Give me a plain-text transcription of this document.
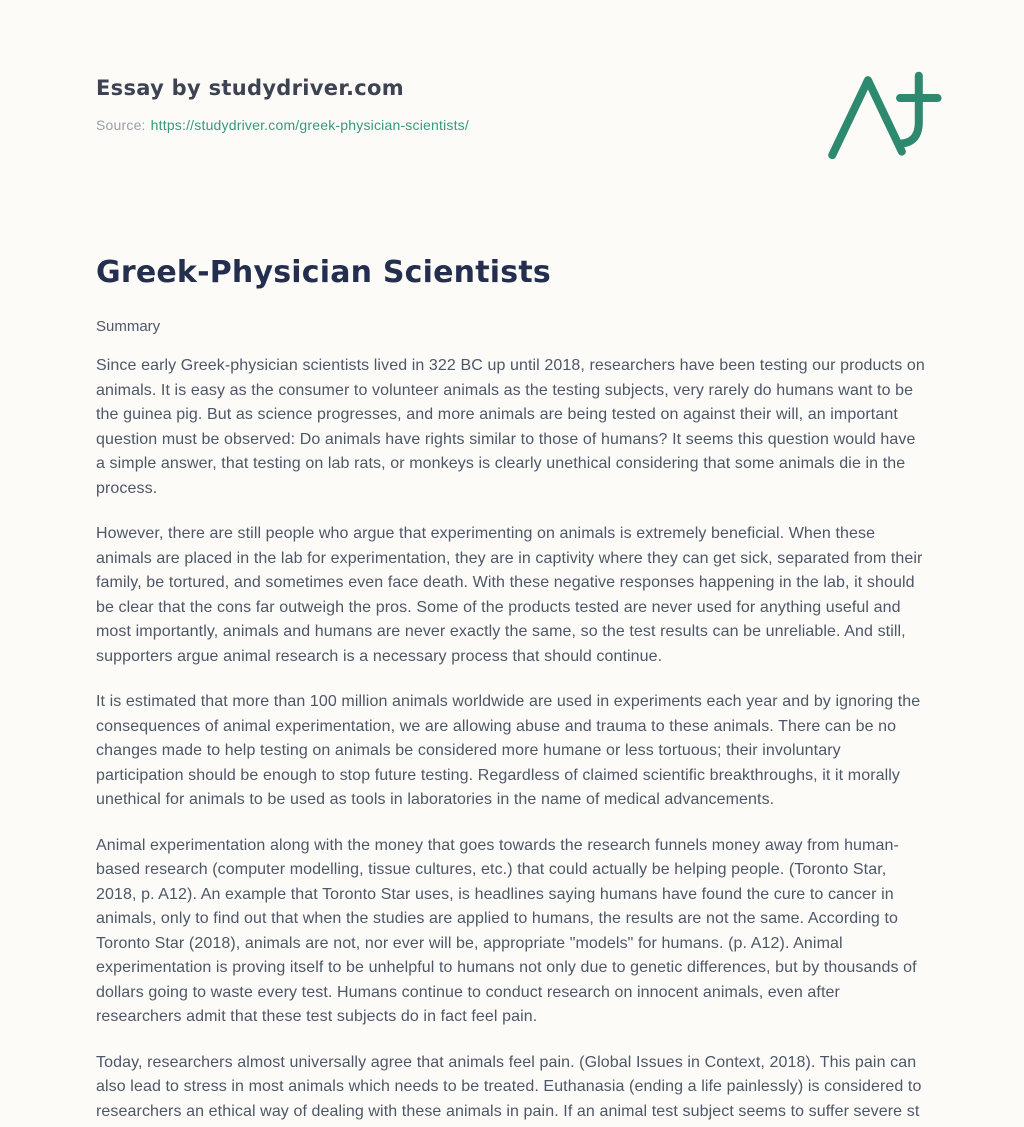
Essay by studydriver.com
Source: https://studydriver.com/greek-physician-scientists/
Greek-Physician Scientists
Summary

Since early Greek-physician scientists lived in 322 BC up until 2018, researchers have been testing our products on animals. It is easy as the consumer to volunteer animals as the testing subjects, very rarely do humans want to be the guinea pig. But as science progresses, and more animals are being tested on against their will, an important question must be observed: Do animals have rights similar to those of humans? It seems this question would have a simple answer, that testing on lab rats, or monkeys is clearly unethical considering that some animals die in the process.

However, there are still people who argue that experimenting on animals is extremely beneficial. When these animals are placed in the lab for experimentation, they are in captivity where they can get sick, separated from their family, be tortured, and sometimes even face death. With these negative responses happening in the lab, it should be clear that the cons far outweigh the pros. Some of the products tested are never used for anything useful and most importantly, animals and humans are never exactly the same, so the test results can be unreliable. And still, supporters argue animal research is a necessary process that should continue.

It is estimated that more than 100 million animals worldwide are used in experiments each year and by ignoring the consequences of animal experimentation, we are allowing abuse and trauma to these animals. There can be no changes made to help testing on animals be considered more humane or less tortuous; their involuntary participation should be enough to stop future testing. Regardless of claimed scientific breakthroughs, it it morally unethical for animals to be used as tools in laboratories in the name of medical advancements.

Animal experimentation along with the money that goes towards the research funnels money away from human-based research (computer modelling, tissue cultures, etc.) that could actually be helping people. (Toronto Star, 2018, p. A12). An example that Toronto Star uses, is headlines saying humans have found the cure to cancer in animals, only to find out that when the studies are applied to humans, the results are not the same. According to Toronto Star (2018), animals are not, nor ever will be, appropriate "models" for humans. (p. A12). Animal experimentation is proving itself to be unhelpful to humans not only due to genetic differences, but by thousands of dollars going to waste every test. Humans continue to conduct research on innocent animals, even after researchers admit that these test subjects do in fact feel pain.

Today, researchers almost universally agree that animals feel pain. (Global Issues in Context, 2018). This pain can also lead to stress in most animals which needs to be treated. Euthanasia (ending a life painlessly) is considered to researchers an ethical way of dealing with these animals in pain. If an animal test subject seems to suffer severe st
